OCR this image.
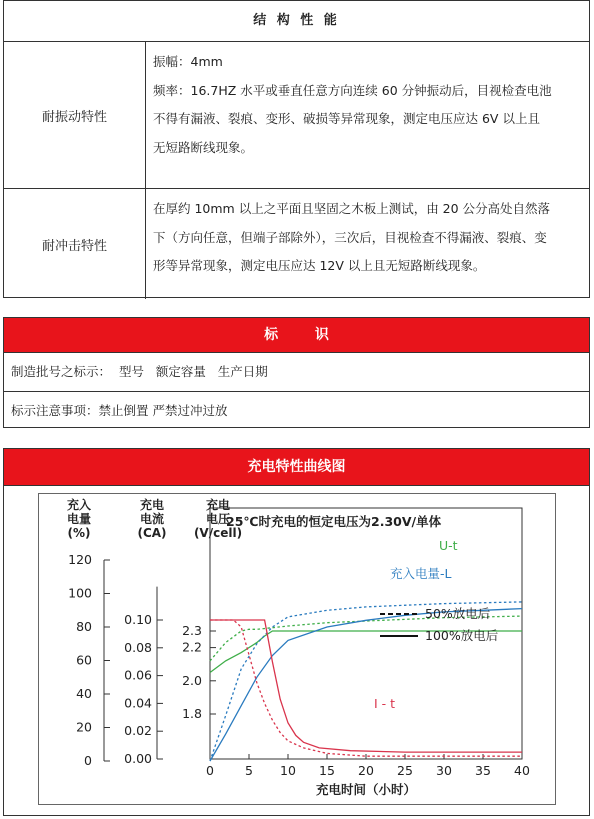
结 构 性 能
耐振动特性
振幅：4mm
频率：16.7HZ 水平或垂直任意方向连续 60 分钟振动后，目视检查电池
不得有漏液、裂痕、变形、破损等异常现象，测定电压应达 6V 以上且
无短路断线现象。
耐冲击特性
在厚约 10mm 以上之平面且坚固之木板上测试，由 20 公分高处自然落
下（方向任意，但端子部除外），三次后，目视检查不得漏液、裂痕、变
形等异常现象，测定电压应达 12V 以上且无短路断线现象。
标 识
制造批号之标示：  型号   额定容量   生产日期
标示注意事项：禁止倒置 严禁过冲过放
充电特性曲线图
充入
电量
(%)
充电
电流
(CA)
充电
电压
(V/cell)
120
100
80
60
40
20
0
0.10
0.08
0.06
0.04
0.02
0.00
2.3
2.2
2.0
1.8
0 5 10 15 20 25 30 35 40
充电时间（小时）
25℃时充电的恒定电压为2.30V/单体
U-t
充入电量-L
I - t
50%放电后
100%放电后
